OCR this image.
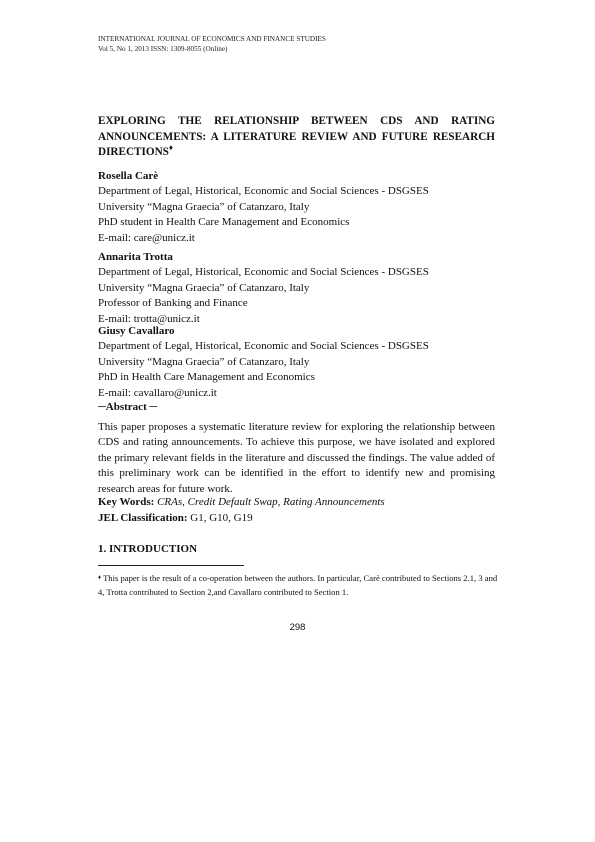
INTERNATIONAL JOURNAL OF ECONOMICS AND FINANCE STUDIES
Vol 5, No 1, 2013 ISSN: 1309-8055 (Online)
EXPLORING THE RELATIONSHIP BETWEEN CDS AND RATING ANNOUNCEMENTS: A LITERATURE REVIEW AND FUTURE RESEARCH DIRECTIONS♦
Rosella Carè
Department of Legal, Historical, Economic and Social Sciences - DSGSES
University “Magna Graecia” of Catanzaro, Italy
PhD student in Health Care Management and Economics
E-mail: care@unicz.it
Annarita Trotta
Department of Legal, Historical, Economic and Social Sciences - DSGSES
University “Magna Graecia” of Catanzaro, Italy
Professor of Banking and Finance
E-mail: trotta@unicz.it
Giusy Cavallaro
Department of Legal, Historical, Economic and Social Sciences - DSGSES
University “Magna Graecia” of Catanzaro, Italy
PhD in Health Care Management and Economics
E-mail: cavallaro@unicz.it
─Abstract ─
This paper proposes a systematic literature review for exploring the relationship between CDS and rating announcements. To achieve this purpose, we have isolated and explored the primary relevant fields in the literature and discussed the findings. The value added of this preliminary work can be identified in the effort to identify new and promising research areas for future work.
Key Words: CRAs, Credit Default Swap, Rating Announcements
JEL Classification: G1, G10, G19
1. INTRODUCTION
♦ This paper is the result of a co-operation between the authors. In particular, Carè contributed to Sections 2.1, 3 and 4, Trotta contributed to Section 2,and Cavallaro contributed to Section 1.
298
